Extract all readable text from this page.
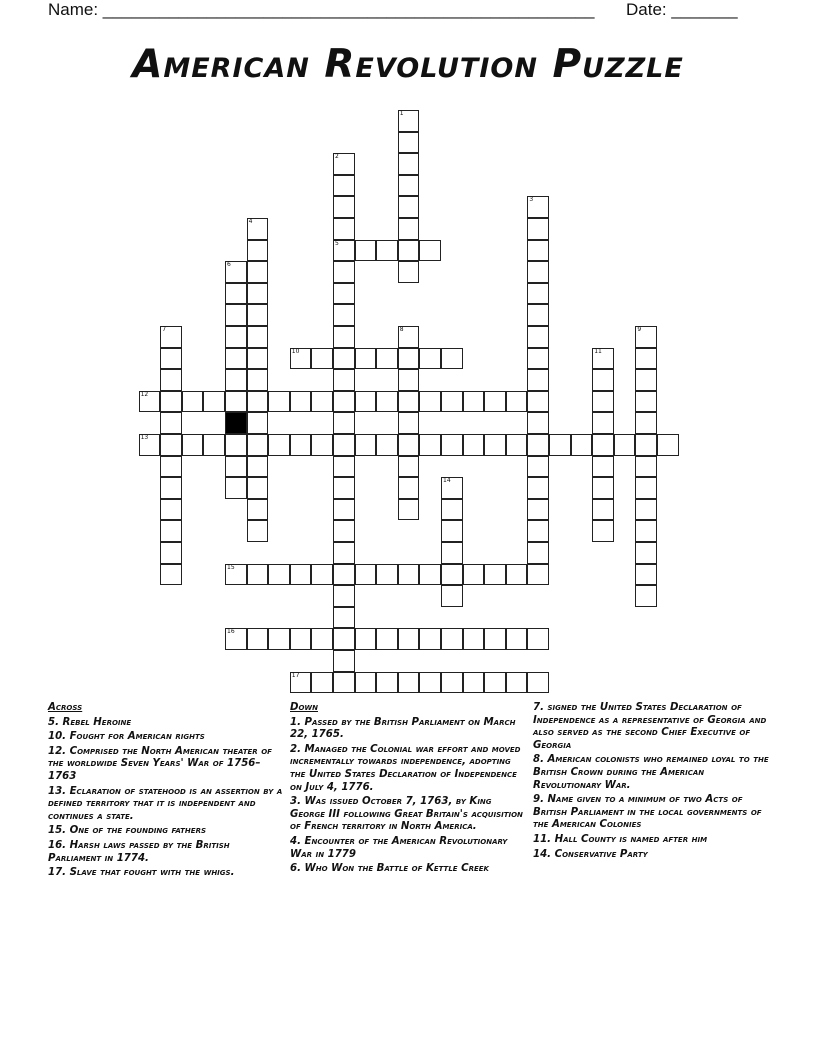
Name: ____________________________________________________ Date: _______
American Revolution Puzzle
1
2
5
3
4
6
7	8	9
10	11
12
13
14
15
16
17
Across
5. Rebel Heroine
10. Fought for American rights
12. Comprised the North American theater of the worldwide Seven Years' War of 1756–1763
13. Eclaration of statehood is an assertion by a defined territory that it is independent and continues a state.
15. One of the founding fathers
16. Harsh laws passed by the British Parliament in 1774.
17. Slave that fought with the whigs.
Down
1. Passed by the British Parliament on March 22, 1765.
2. Managed the Colonial war effort and moved incrementally towards independence, adopting the United States Declaration of Independence on July 4, 1776.
3. Was issued October 7, 1763, by King George III following Great Britain's acquisition of French territory in North America.
4. Encounter of the American Revolutionary War in 1779
6. Who Won the Battle of Kettle Creek
7. signed the United States Declaration of Independence as a representative of Georgia and also served as the second Chief Executive of Georgia
8. American colonists who remained loyal to the British Crown during the American Revolutionary War.
9. Name given to a minimum of two Acts of British Parliament in the local governments of the American Colonies
11. Hall County is named after him
14. Conservative Party
